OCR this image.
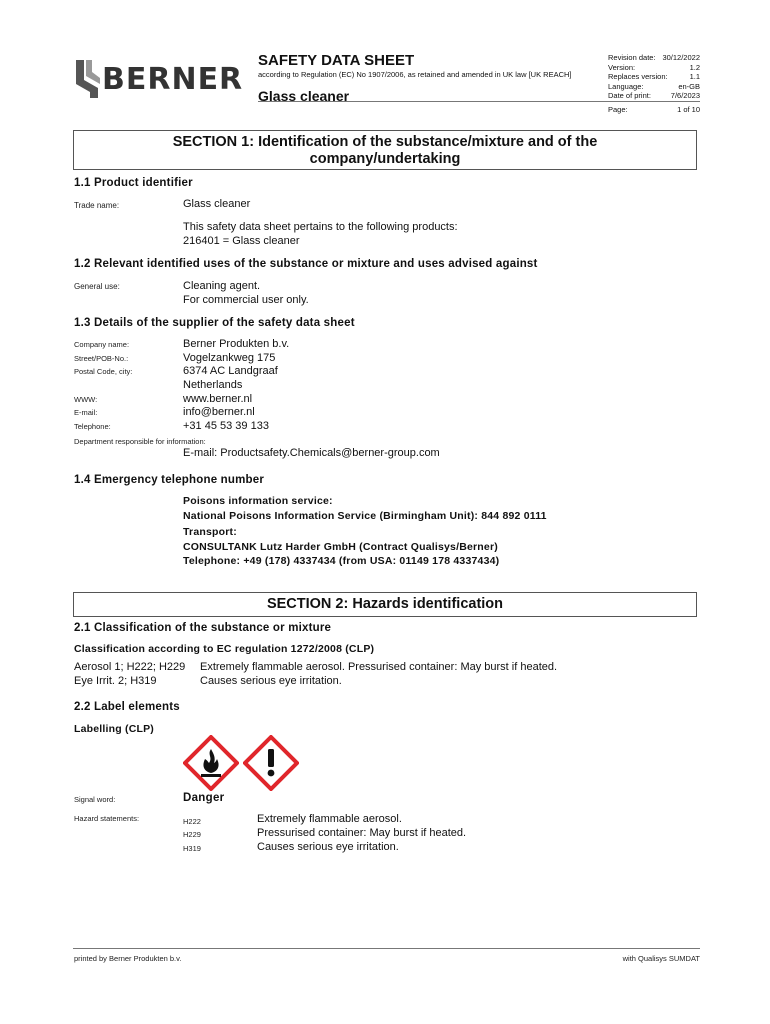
BERNER
SAFETY DATA SHEET
according to Regulation (EC) No 1907/2006, as retained and amended in UK law [UK REACH]
Glass cleaner
Revision date: 30/12/2022
Version:	1.2
Replaces version:	1.1
Language:	en-GB
Date of print:	7/6/2023
Page:	1 of 10
SECTION 1: Identification of the substance/mixture and of the
company/undertaking
1.1 Product identifier
Trade name:	Glass cleaner
This safety data sheet pertains to the following products:
216401 = Glass cleaner
1.2 Relevant identified uses of the substance or mixture and uses advised against
General use:	Cleaning agent.
For commercial user only.
1.3 Details of the supplier of the safety data sheet
Company name:	Berner Produkten b.v.
Street/POB-No.:	Vogelzankweg 175
Postal Code, city:	6374 AC Landgraaf
Netherlands
WWW:	www.berner.nl
E-mail:	info@berner.nl
Telephone:	+31 45 53 39 133
Department responsible for information:
E-mail: Productsafety.Chemicals@berner-group.com
1.4 Emergency telephone number
Poisons information service:
National Poisons Information Service (Birmingham Unit): 844 892 0111
Transport:
CONSULTANK Lutz Harder GmbH (Contract Qualisys/Berner)
Telephone: +49 (178) 4337434 (from USA: 01149 178 4337434)
SECTION 2: Hazards identification
2.1 Classification of the substance or mixture
Classification according to EC regulation 1272/2008 (CLP)
Aerosol 1; H222; H229 Extremely flammable aerosol. Pressurised container: May burst if heated.
Eye Irrit. 2; H319	Causes serious eye irritation.
2.2 Label elements
Labelling (CLP)
Signal word:	Danger
Hazard statements:	H222	Extremely flammable aerosol.
H229	Pressurised container: May burst if heated.
H319	Causes serious eye irritation.
printed by Berner Produkten b.v.	with Qualisys SUMDAT
